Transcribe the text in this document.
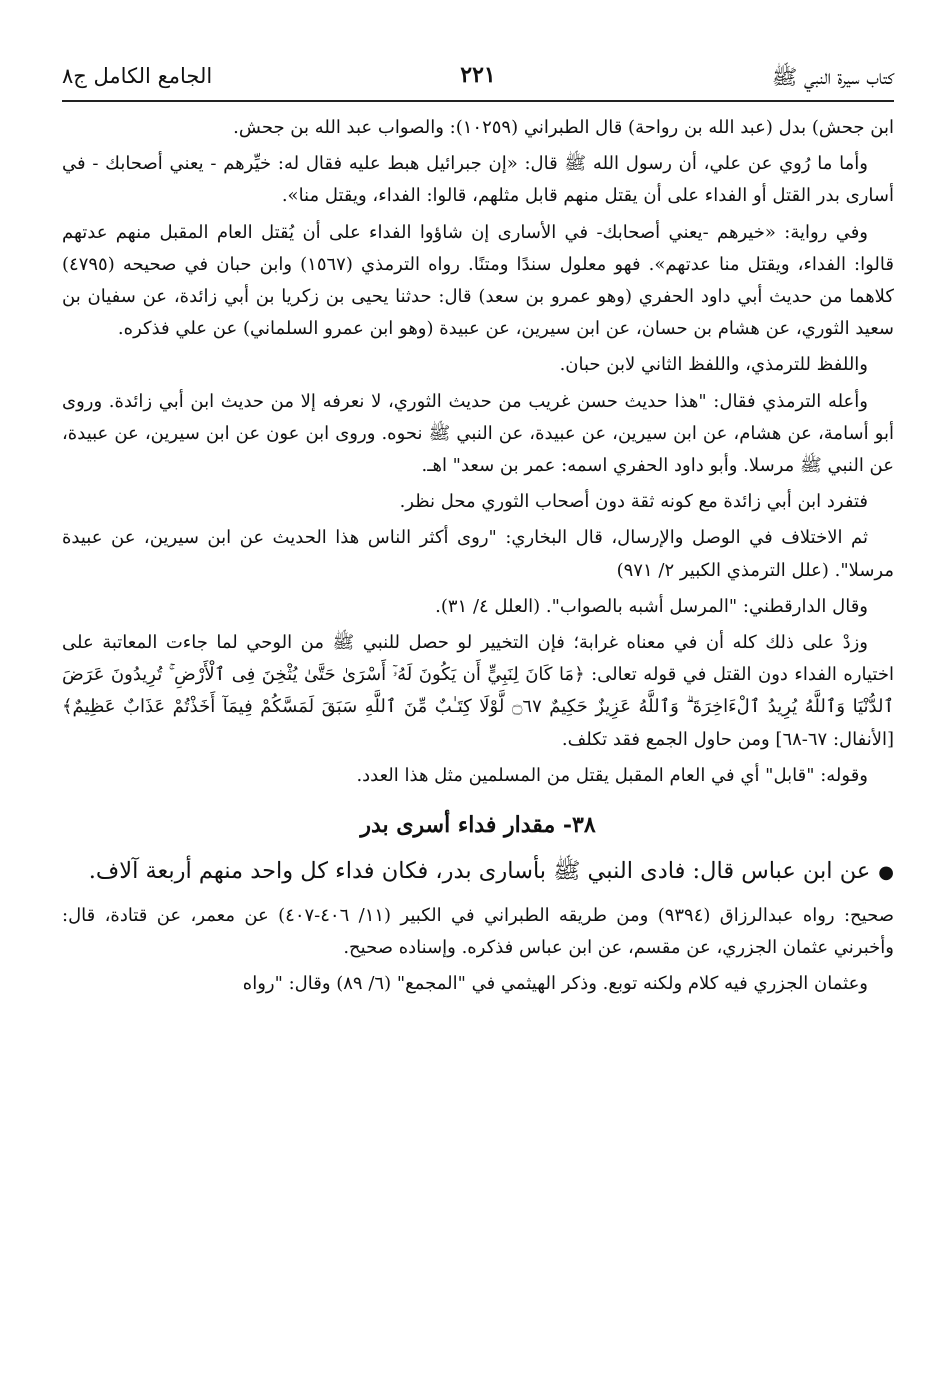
كتاب سيرة النبي ﷺ
٢٢١
الجامع الكامل ج٨

ابن جحش) بدل (عبد الله بن رواحة) قال الطبراني (١٠٢٥٩): والصواب عبد الله بن جحش.

وأما ما رُوي عن علي، أن رسول الله ﷺ قال: «إن جبرائيل هبط عليه فقال له: خيِّرهم - يعني أصحابك - في أسارى بدر القتل أو الفداء على أن يقتل منهم قابل مثلهم، قالوا: الفداء، ويقتل منا».

وفي رواية: «خيرهم -يعني أصحابك- في الأسارى إن شاؤوا الفداء على أن يُقتل العام المقبل منهم عدتهم قالوا: الفداء، ويقتل منا عدتهم». فهو معلول سندًا ومتنًا. رواه الترمذي (١٥٦٧) وابن حبان في صحيحه (٤٧٩٥) كلاهما من حديث أبي داود الحفري (وهو عمرو بن سعد) قال: حدثنا يحيى بن زكريا بن أبي زائدة، عن سفيان بن سعيد الثوري، عن هشام بن حسان، عن ابن سيرين، عن عبيدة (وهو ابن عمرو السلماني) عن علي فذكره.

واللفظ للترمذي، واللفظ الثاني لابن حبان.

وأعله الترمذي فقال: "هذا حديث حسن غريب من حديث الثوري، لا نعرفه إلا من حديث ابن أبي زائدة. وروى أبو أسامة، عن هشام، عن ابن سيرين، عن عبيدة، عن النبي ﷺ نحوه. وروى ابن عون عن ابن سيرين، عن عبيدة، عن النبي ﷺ مرسلا. وأبو داود الحفري اسمه: عمر بن سعد" اهـ.

فتفرد ابن أبي زائدة مع كونه ثقة دون أصحاب الثوري محل نظر.

ثم الاختلاف في الوصل والإرسال، قال البخاري: "روى أكثر الناس هذا الحديث عن ابن سيرين، عن عبيدة مرسلا". (علل الترمذي الكبير ٢/ ٩٧١)

وقال الدارقطني: "المرسل أشبه بالصواب". (العلل ٤/ ٣١).

وزدْ على ذلك كله أن في معناه غرابة؛ فإن التخيير لو حصل للنبي ﷺ من الوحي لما جاءت المعاتبة على اختياره الفداء دون القتل في قوله تعالى: ﴿مَا كَانَ لِنَبِيٍّ أَن يَكُونَ لَهُۥٓ أَسْرَىٰ حَتَّىٰ يُثْخِنَ فِى ٱلْأَرْضِ ۚ تُرِيدُونَ عَرَضَ ٱلدُّنْيَا وَٱللَّهُ يُرِيدُ ٱلْءَاخِرَةَ ۗ وَٱللَّهُ عَزِيزٌ حَكِيمٌ ۝٦٧ لَّوْلَا كِتَـٰبٌ مِّنَ ٱللَّهِ سَبَقَ لَمَسَّكُمْ فِيمَآ أَخَذْتُمْ عَذَابٌ عَظِيمٌ﴾ [الأنفال: ٦٧-٦٨] ومن حاول الجمع فقد تكلف.

وقوله: "قابل" أي في العام المقبل يقتل من المسلمين مثل هذا العدد.

٣٨- مقدار فداء أسرى بدر

●عن ابن عباس قال: فادى النبي ﷺ بأسارى بدر، فكان فداء كل واحد منهم أربعة آلاف.

صحيح: رواه عبدالرزاق (٩٣٩٤) ومن طريقه الطبراني في الكبير (١١/ ٤٠٦-٤٠٧) عن معمر، عن قتادة، قال: وأخبرني عثمان الجزري، عن مقسم، عن ابن عباس فذكره. وإسناده صحيح.

وعثمان الجزري فيه كلام ولكنه توبع. وذكر الهيثمي في "المجمع" (٦/ ٨٩) وقال: "رواه
